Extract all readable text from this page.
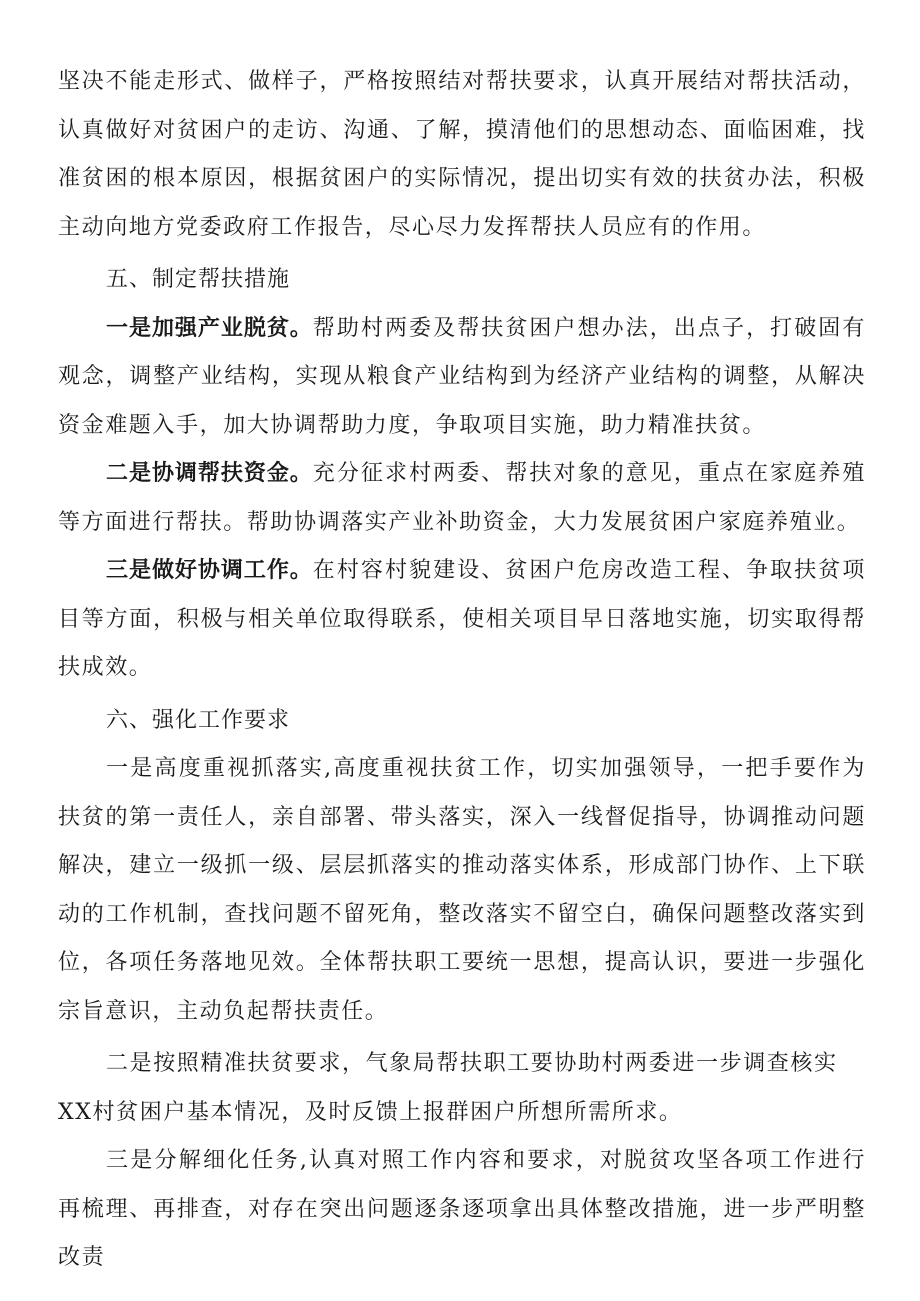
坚决不能走形式、做样子，严格按照结对帮扶要求，认真开展结对帮扶活动，认真做好对贫困户的走访、沟通、了解，摸清他们的思想动态、面临困难，找准贫困的根本原因，根据贫困户的实际情况，提出切实有效的扶贫办法，积极主动向地方党委政府工作报告，尽心尽力发挥帮扶人员应有的作用。

五、制定帮扶措施

一是加强产业脱贫。帮助村两委及帮扶贫困户想办法，出点子，打破固有观念，调整产业结构，实现从粮食产业结构到为经济产业结构的调整，从解决资金难题入手，加大协调帮助力度，争取项目实施，助力精准扶贫。

二是协调帮扶资金。充分征求村两委、帮扶对象的意见，重点在家庭养殖等方面进行帮扶。帮助协调落实产业补助资金，大力发展贫困户家庭养殖业。

三是做好协调工作。在村容村貌建设、贫困户危房改造工程、争取扶贫项目等方面，积极与相关单位取得联系，使相关项目早日落地实施，切实取得帮扶成效。

六、强化工作要求

一是高度重视抓落实,高度重视扶贫工作，切实加强领导，一把手要作为扶贫的第一责任人，亲自部署、带头落实，深入一线督促指导，协调推动问题解决，建立一级抓一级、层层抓落实的推动落实体系，形成部门协作、上下联动的工作机制，查找问题不留死角，整改落实不留空白，确保问题整改落实到位，各项任务落地见效。全体帮扶职工要统一思想，提高认识，要进一步强化宗旨意识，主动负起帮扶责任。

二是按照精准扶贫要求，气象局帮扶职工要协助村两委进一步调查核实

XX村贫困户基本情况，及时反馈上报群困户所想所需所求。

三是分解细化任务,认真对照工作内容和要求，对脱贫攻坚各项工作进行再梳理、再排查，对存在突出问题逐条逐项拿出具体整改措施，进一步严明整改责
